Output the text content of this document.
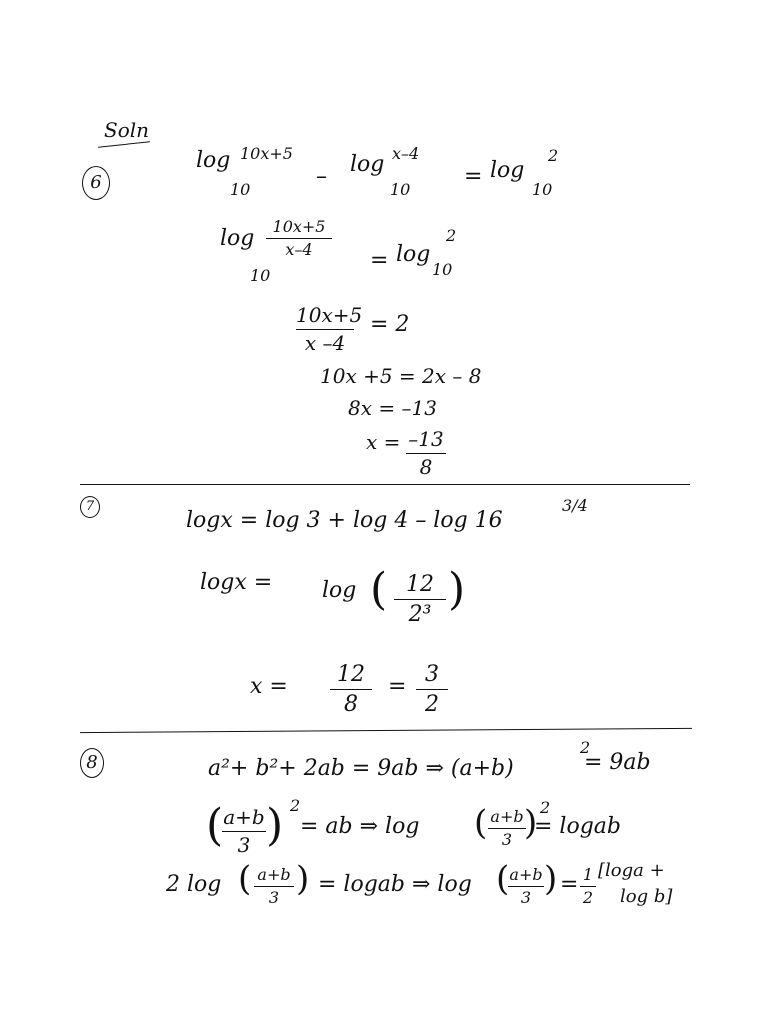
Soln
6
log 10x+5
10
– log x–4
10
= log
2
10
log	10x+5
x–4
10
= log
2
10
10x+5
x –4
= 2
10x +5 = 2x – 8
8x = –13
x = –13
8
7
logx = log 3 + log 4 – log 16
3/4
logx = log ( 12
2³ )
x =	12
8
= 3
2
8	a²+ b²+ 2ab = 9ab ⇒ (a+b)
2
= 9ab
( a+b
3 ) 2
= ab ⇒ log ( a+b
3 ) 2
= logab
2 log ( a+b
3 ) = logab ⇒ log ( a+b
3 ) = 1
2
[loga +
log b]
